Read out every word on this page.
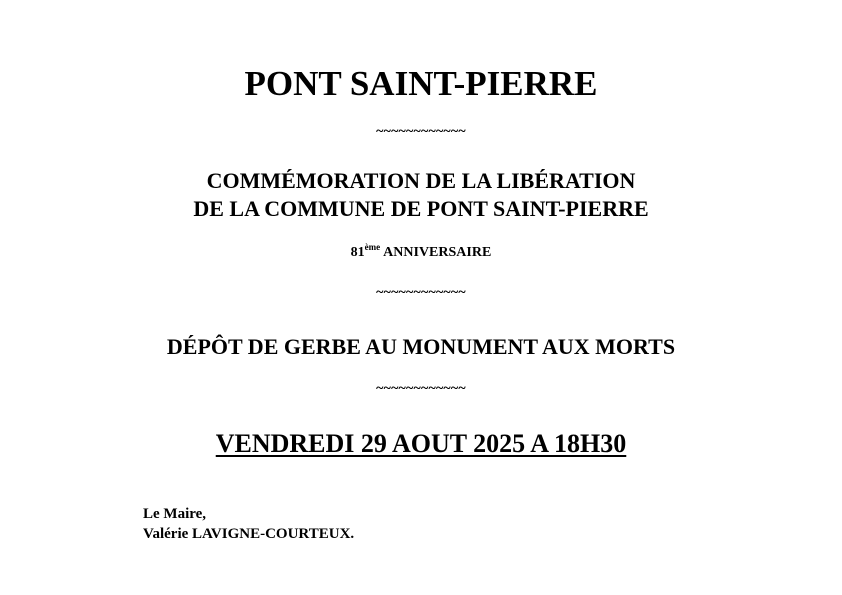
PONT SAINT-PIERRE
~~~~~~~~~~~~
COMMÉMORATION DE LA LIBÉRATION
DE LA COMMUNE DE PONT SAINT-PIERRE
81ème ANNIVERSAIRE
~~~~~~~~~~~~
DÉPÔT DE GERBE AU MONUMENT AUX MORTS
~~~~~~~~~~~~
VENDREDI 29 AOUT 2025 A 18H30
Le Maire,
Valérie LAVIGNE-COURTEUX.
